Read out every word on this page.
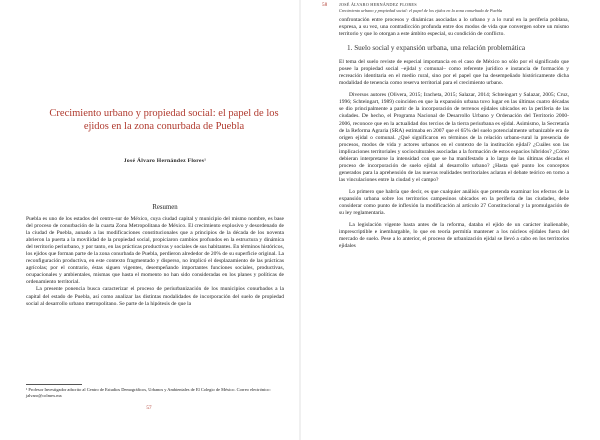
Crecimiento urbano y propiedad social: el papel de los ejidos en la zona conurbada de Puebla

José Álvaro Hernández Flores¹

Resumen

Puebla es uno de los estados del centro-sur de México, cuya ciudad capital y municipio del mismo nombre, es base del proceso de conurbación de la cuarta Zona Metropolitana de México. El crecimiento explosivo y desordenado de la ciudad de Puebla, aunado a las modificaciones constitucionales que a principios de la década de los noventa abrieron la puerta a la movilidad de la propiedad social, propiciaron cambios profundos en la estructura y dinámica del territorio periurbano, y por tanto, en las prácticas productivas y sociales de sus habitantes. En términos históricos, los ejidos que forman parte de la zona conurbada de Puebla, perdieron alrededor de 20% de su superficie original. La reconfiguración productiva, en este contexto fragmentado y disperso, no implicó el desplazamiento de las prácticas agrícolas; por el contrario, éstas siguen vigentes, desempeñando importantes funciones sociales, productivas, ocupacionales y ambientales, mismas que hasta el momento no han sido consideradas en los planes y políticas de ordenamiento territorial.

La presente ponencia busca caracterizar el proceso de periurbanización de los municipios conurbados a la capital del estado de Puebla, así como analizar las distintas modalidades de incorporación del suelo de propiedad social al desarrollo urbano metropolitano. Se parte de la hipótesis de que la

¹ Profesor Investigador adscrito al Centro de Estudios Demográficos, Urbanos y Ambientales de El Colegio de México. Correo electrónico: jalvaro@colmex.mx

57

58	JOSÉ ÁLVARO HERNÁNDEZ FLORES
Crecimiento urbano y propiedad social: el papel de los ejidos en la zona conurbada de Puebla

confrontación entre procesos y dinámicas asociadas a lo urbano y a lo rural en la periferia poblana, expresa, a su vez, una contradicción profunda entre dos modos de vida que convergen sobre un mismo territorio y que lo otorgan a este ámbito especial, su condición de conflicto.

1. Suelo social y expansión urbana, una relación problemática

El tema del suelo reviste de especial importancia en el caso de México no sólo por el significado que posee la propiedad social –ejidal y comunal– como referente jurídico e instancia de formación y recreación identitaria en el medio rural, sino por el papel que ha desempeñado históricamente dicha modalidad de tenencia como reserva territorial para el crecimiento urbano.

Diversos autores (Olivera, 2015; Iracheta, 2015; Salazar, 2014; Schteingart y Salazar, 2005; Cruz, 1996; Schteingart, 1989) coinciden en que la expansión urbana tuvo lugar en las últimas cuatro décadas se dio principalmente a partir de la incorporación de terrenos ejidales ubicados en la periferia de las ciudades. De hecho, el Programa Nacional de Desarrollo Urbano y Ordenación del Territorio 2000-2006, reconoce que en la actualidad dos tercios de la tierra periurbana es ejidal. Asimismo, la Secretaría de la Reforma Agraria (SRA) estimaba en 2007 que el 65% del suelo potencialmente urbanizable era de origen ejidal o comunal. ¿Qué significaron en términos de la relación urbano-rural la presencia de procesos, modos de vida y actores urbanos en el contexto de la institución ejidal? ¿Cuáles son las implicaciones territoriales y socioculturales asociadas a la formación de estos espacios híbridos? ¿Cómo debieran interpretarse la intensidad con que se ha manifestado a lo largo de las últimas décadas el proceso de incorporación de suelo ejidal al desarrollo urbano? ¿Hasta qué punto los conceptos generados para la aprehensión de las nuevas realidades territoriales aclaran el debate teórico en torno a las vinculaciones entre la ciudad y el campo?

Lo primero que habría que decir, es que cualquier análisis que pretenda examinar los efectos de la expansión urbana sobre los territorios campesinos ubicados en la periferia de las ciudades, debe considerar como punto de inflexión la modificación al artículo 27 Constitucional y la promulgación de su ley reglamentaria.

La legislación vigente hasta antes de la reforma, databa el ejido de un carácter inalienable, imprescriptible e inembargable, lo que en teoría permitía mantener a los núcleos ejidales fuera del mercado de suelo. Pese a lo anterior, el proceso de urbanización ejidal se llevó a cabo en los territorios ejidales
